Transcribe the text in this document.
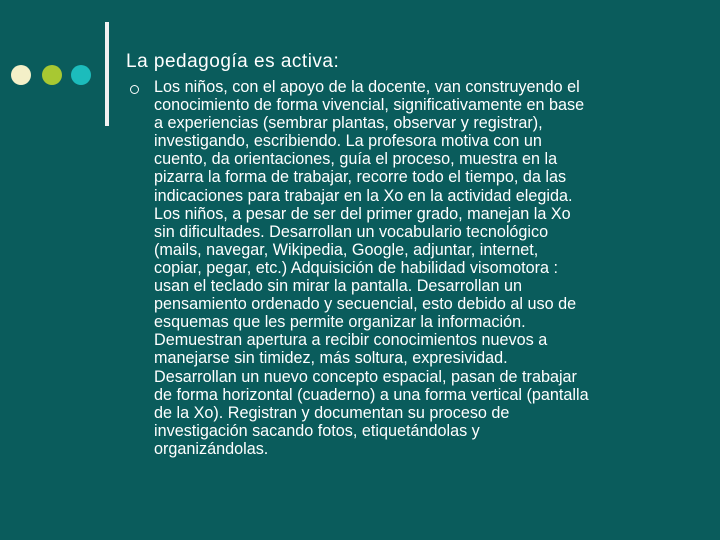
La pedagogía es activa:

Los niños, con el apoyo de la docente, van construyendo el
conocimiento de forma vivencial, significativamente en base
a experiencias (sembrar plantas, observar y registrar),
investigando, escribiendo. La profesora motiva con un
cuento, da orientaciones, guía el proceso, muestra en la
pizarra la forma de trabajar, recorre todo el tiempo, da las
indicaciones para trabajar en la Xo en la actividad elegida.
Los niños, a pesar de ser del primer grado, manejan la Xo
sin dificultades. Desarrollan un vocabulario tecnológico
(mails, navegar, Wikipedia, Google, adjuntar, internet,
copiar, pegar, etc.) Adquisición de habilidad visomotora :
usan el teclado sin mirar la pantalla. Desarrollan un
pensamiento ordenado y secuencial, esto debido al uso de
esquemas que les permite organizar la información.
Demuestran apertura a recibir conocimientos nuevos a
manejarse sin timidez, más soltura, expresividad.
Desarrollan un nuevo concepto espacial, pasan de trabajar
de forma horizontal (cuaderno) a una forma vertical (pantalla
de la Xo). Registran y documentan su proceso de
investigación sacando fotos, etiquetándolas y
organizándolas.
